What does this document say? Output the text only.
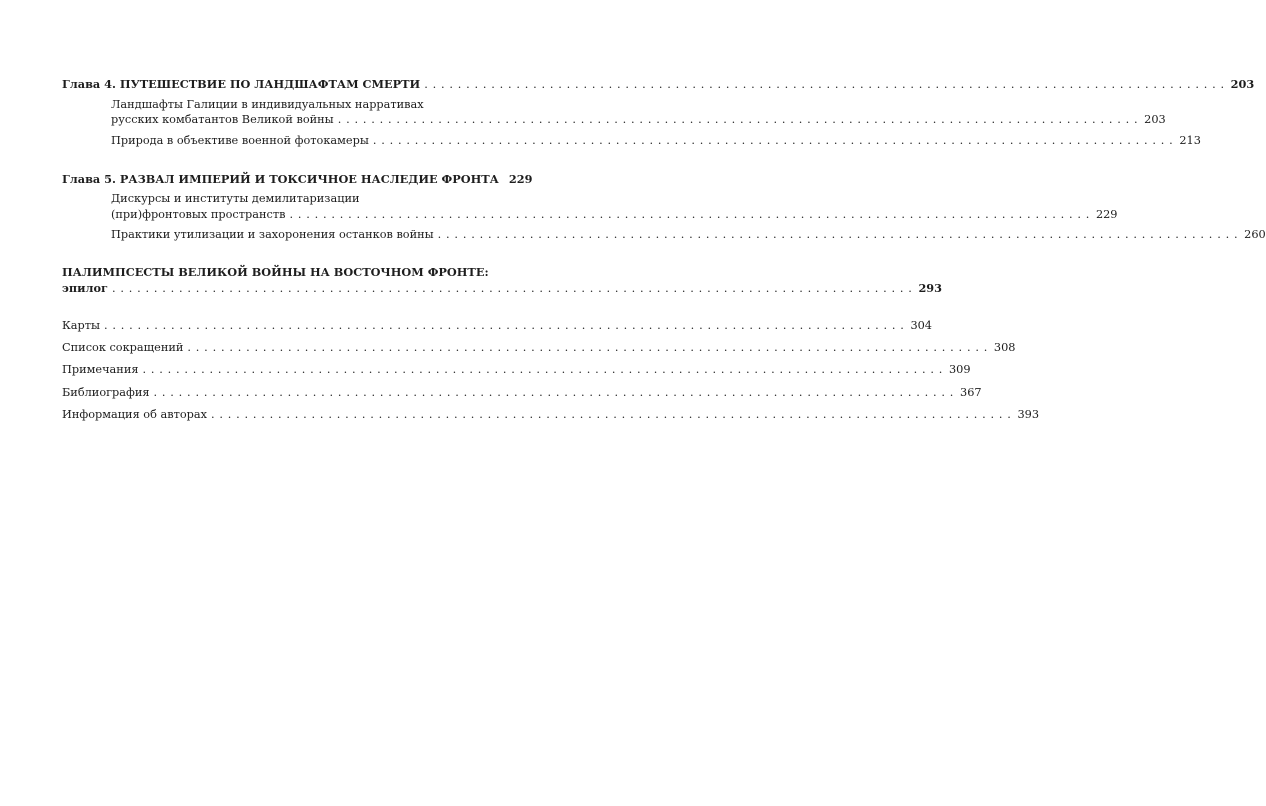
Глава 4. ПУТЕШЕСТВИЕ ПО ЛАНДШАФТАМ СМЕРТИ . . .	203
Ландшафты Галиции в индивидуальных нарративах
русских комбатантов Великой войны . . .	203
Природа в объективе военной фотокамеры . . .	213
Глава 5. РАЗВАЛ ИМПЕРИЙ И ТОКСИЧНОЕ НАСЛЕДИЕ ФРОНТА 229
Дискурсы и институты демилитаризации
(при)фронтовых пространств . . .	229
Практики утилизации и захоронения останков войны . . .	260
ПАЛИМПСЕСТЫ ВЕЛИКОЙ ВОЙНЫ НА ВОСТОЧНОМ ФРОНТЕ:
эпилог . . .	293
Карты . . .	304
Список сокращений . . .	308
Примечания . . .	309
Библиография . . .	367
Информация об авторах . . .	393
